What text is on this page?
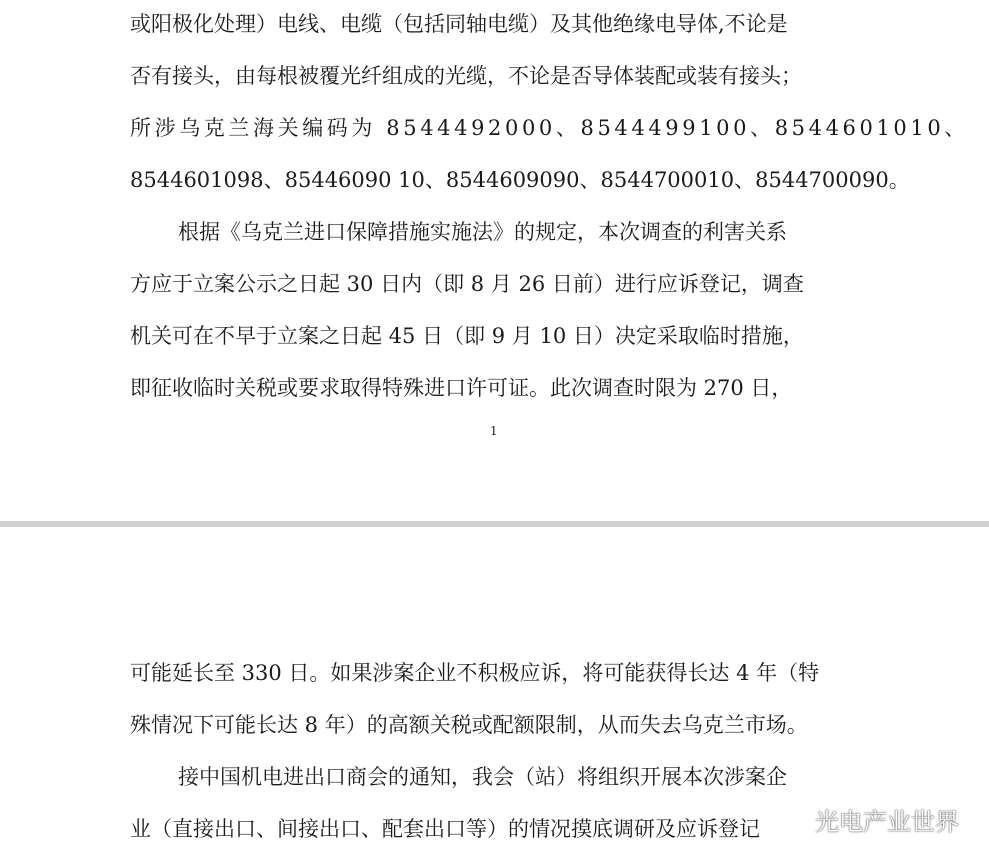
或阳极化处理）电线、电缆（包括同轴电缆）及其他绝缘电导体,不论是
否有接头，由每根被覆光纤组成的光缆，不论是否导体装配或装有接头；
所涉乌克兰海关编码为 8544492000、8544499100、8544601010、
8544601098、85446090 10、8544609090、8544700010、8544700090。
根据《乌克兰进口保障措施实施法》的规定，本次调查的利害关系
方应于立案公示之日起 30 日内（即 8 月 26 日前）进行应诉登记，调查
机关可在不早于立案之日起 45 日（即 9 月 10 日）决定采取临时措施，
即征收临时关税或要求取得特殊进口许可证。此次调查时限为 270 日，
1
可能延长至 330 日。如果涉案企业不积极应诉，将可能获得长达 4 年（特
殊情况下可能长达 8 年）的高额关税或配额限制，从而失去乌克兰市场。
接中国机电进出口商会的通知，我会（站）将组织开展本次涉案企
业（直接出口、间接出口、配套出口等）的情况摸底调研及应诉登记 光电产业世界
